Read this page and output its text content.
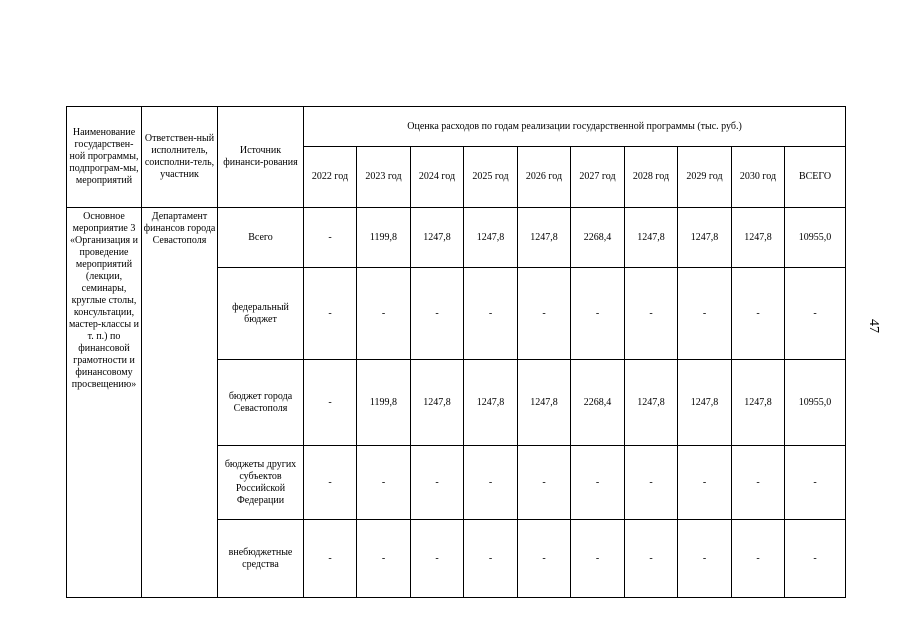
Наименование государствен-ной программы, подпрограм-мы, мероприятий	Ответствен-ный исполнитель, соисполни-тель, участник	Источник финанси-рования	Оценка расходов по годам реализации государственной программы (тыс. руб.)									
			2022 год	2023 год	2024 год	2025 год	2026 год	2027 год	2028 год	2029 год	2030 год	ВСЕГО
Основное мероприятие 3 «Организация и проведение мероприятий (лекции, семинары, круглые столы, консультации, мастер-классы и т. п.) по финансовой грамотности и финансовому просвещению»	Департамент финансов города Севастополя	Всего	-	1199,8	1247,8	1247,8	1247,8	2268,4	1247,8	1247,8	1247,8	10955,0
		федеральный бюджет	-	-	-	-	-	-	-	-	-	-
		бюджет города Севастополя	-	1199,8	1247,8	1247,8	1247,8	2268,4	1247,8	1247,8	1247,8	10955,0
		бюджеты других субъектов Российской Федерации	-	-	-	-	-	-	-	-	-	-
		внебюджетные средства	-	-	-	-	-	-	-	-	-	-
47
